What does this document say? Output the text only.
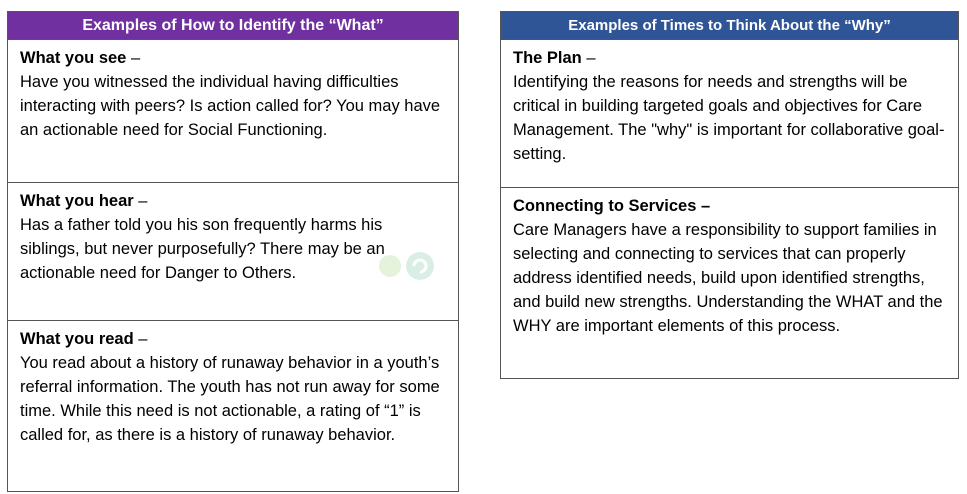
Examples of How to Identify the “What”
What you see –
Have you witnessed the individual having difficulties interacting with peers? Is action called for? You may have an actionable need for Social Functioning.
What you hear –
Has a father told you his son frequently harms his siblings, but never purposefully? There may be an actionable need for Danger to Others.
What you read –
You read about a history of runaway behavior in a youth’s referral information. The youth has not run away for some time. While this need is not actionable, a rating of “1” is called for, as there is a history of runaway behavior.
Examples of Times to Think About the “Why”
The Plan –
Identifying the reasons for needs and strengths will be critical in building targeted goals and objectives for Care Management. The "why" is important for collaborative goal-setting.
Connecting to Services –
Care Managers have a responsibility to support families in selecting and connecting to services that can properly address identified needs, build upon identified strengths, and build new strengths. Understanding the WHAT and the WHY are important elements of this process.
